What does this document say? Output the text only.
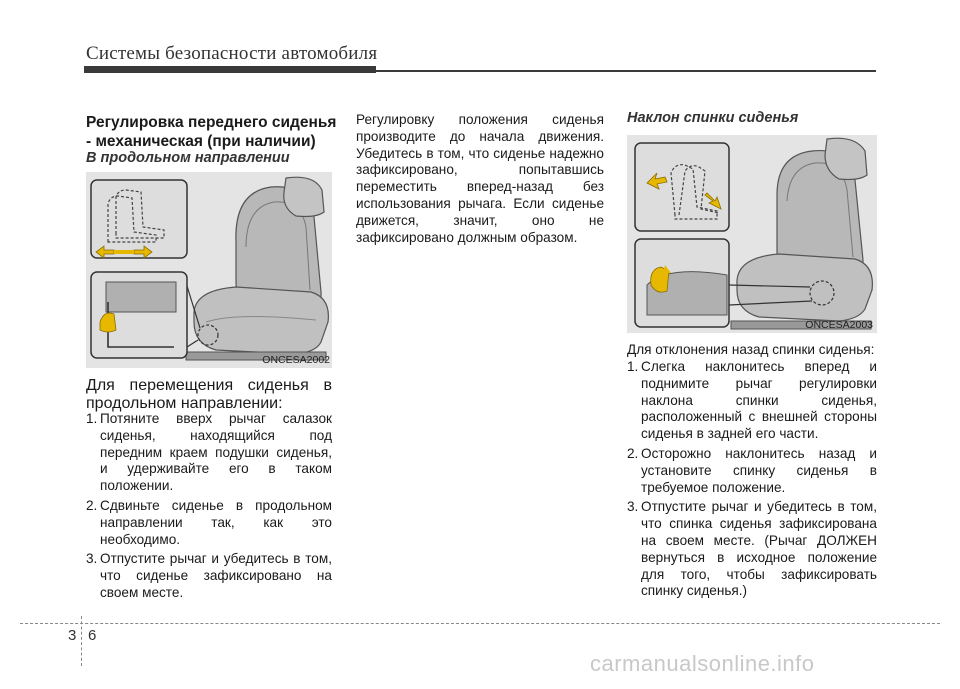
Системы безопасности автомобиля
Регулировка переднего сиденья
- механическая (при наличии)
В продольном направлении
ONCESA2002
Для перемещения сиденья в продольном направлении:
1. Потяните вверх рычаг салазок сиденья, находящийся под передним краем подушки сиденья, и удерживайте его в таком положении.
2. Сдвиньте сиденье в продольном направлении так, как это необходимо.
3. Отпустите рычаг и убедитесь в том, что сиденье зафиксировано на своем месте.
Регулировку положения сиденья производите до начала движения. Убедитесь в том, что сиденье надежно зафиксировано, попытавшись переместить вперед-назад без использования рычага. Если сиденье движется, значит, оно не зафиксировано должным образом.
Наклон спинки сиденья
ONCESA2003
Для отклонения назад спинки сиденья:
1. Слегка наклонитесь вперед и поднимите рычаг регулировки наклона спинки сиденья, расположенный с внешней стороны сиденья в задней его части.
2. Осторожно наклонитесь назад и установите спинку сиденья в требуемое положение.
3. Отпустите рычаг и убедитесь в том, что спинка сиденья зафиксирована на своем месте. (Рычаг ДОЛЖЕН вернуться в исходное положение для того, чтобы зафиксировать спинку сиденья.)
3 6
carmanualsonline.info
